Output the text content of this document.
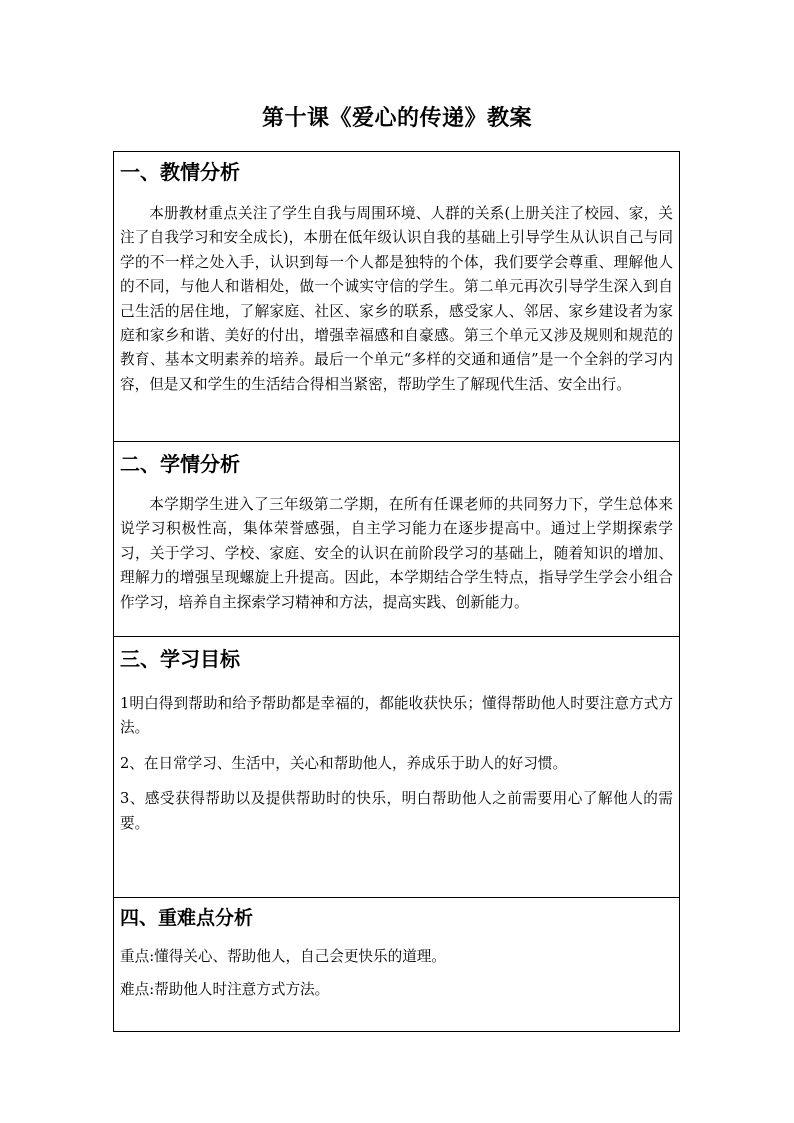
第十课《爱心的传递》教案
一、教情分析

本册教材重点关注了学生自我与周围环境、人群的关系(上册关注了校园、家，关注了自我学习和安全成长)，本册在低年级认识自我的基础上引导学生从认识自己与同学的不一样之处入手，认识到每一个人都是独特的个体，我们要学会尊重、理解他人的不同，与他人和谐相处，做一个诚实守信的学生。第二单元再次引导学生深入到自己生活的居住地，了解家庭、社区、家乡的联系，感受家人、邻居、家乡建设者为家庭和家乡和谐、美好的付出，增强幸福感和自豪感。第三个单元又涉及规则和规范的教育、基本文明素养的培养。最后一个单元“多样的交通和通信”是一个全斜的学习内容，但是又和学生的生活结合得相当紧密，帮助学生了解现代生活、安全出行。

二、学情分析

本学期学生进入了三年级第二学期，在所有任课老师的共同努力下，学生总体来说学习积极性高，集体荣誉感强，自主学习能力在逐步提高中。通过上学期探索学习，关于学习、学校、家庭、安全的认识在前阶段学习的基础上，随着知识的增加、理解力的增强呈现螺旋上升提高。因此，本学期结合学生特点，指导学生学会小组合作学习，培养自主探索学习精神和方法，提高实践、创新能力。

三、学习目标

1明白得到帮助和给予帮助都是幸福的，都能收获快乐；懂得帮助他人时要注意方式方法。

2、在日常学习、生活中，关心和帮助他人，养成乐于助人的好习惯。

3、感受获得帮助以及提供帮助时的快乐，明白帮助他人之前需要用心了解他人的需要。

四、重难点分析

重点:懂得关心、帮助他人，自己会更快乐的道理。

难点:帮助他人时注意方式方法。
